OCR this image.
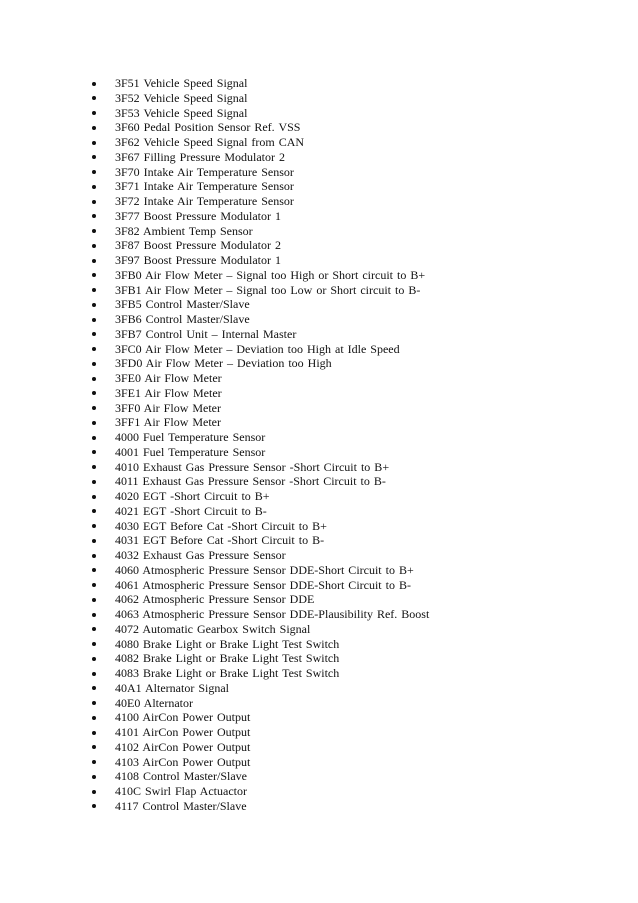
3F51 Vehicle Speed Signal
3F52 Vehicle Speed Signal
3F53 Vehicle Speed Signal
3F60 Pedal Position Sensor Ref. VSS
3F62 Vehicle Speed Signal from CAN
3F67 Filling Pressure Modulator 2
3F70 Intake Air Temperature Sensor
3F71 Intake Air Temperature Sensor
3F72 Intake Air Temperature Sensor
3F77 Boost Pressure Modulator 1
3F82 Ambient Temp Sensor
3F87 Boost Pressure Modulator 2
3F97 Boost Pressure Modulator 1
3FB0 Air Flow Meter – Signal too High or Short circuit to B+
3FB1 Air Flow Meter – Signal too Low or Short circuit to B-
3FB5 Control Master/Slave
3FB6 Control Master/Slave
3FB7 Control Unit – Internal Master
3FC0 Air Flow Meter – Deviation too High at Idle Speed
3FD0 Air Flow Meter – Deviation too High
3FE0 Air Flow Meter
3FE1 Air Flow Meter
3FF0 Air Flow Meter
3FF1 Air Flow Meter
4000 Fuel Temperature Sensor
4001 Fuel Temperature Sensor
4010 Exhaust Gas Pressure Sensor -Short Circuit to B+
4011 Exhaust Gas Pressure Sensor -Short Circuit to B-
4020 EGT -Short Circuit to B+
4021 EGT -Short Circuit to B-
4030 EGT Before Cat -Short Circuit to B+
4031 EGT Before Cat -Short Circuit to B-
4032 Exhaust Gas Pressure Sensor
4060 Atmospheric Pressure Sensor DDE-Short Circuit to B+
4061 Atmospheric Pressure Sensor DDE-Short Circuit to B-
4062 Atmospheric Pressure Sensor DDE
4063 Atmospheric Pressure Sensor DDE-Plausibility Ref. Boost
4072 Automatic Gearbox Switch Signal
4080 Brake Light or Brake Light Test Switch
4082 Brake Light or Brake Light Test Switch
4083 Brake Light or Brake Light Test Switch
40A1 Alternator Signal
40E0 Alternator
4100 AirCon Power Output
4101 AirCon Power Output
4102 AirCon Power Output
4103 AirCon Power Output
4108 Control Master/Slave
410C Swirl Flap Actuactor
4117 Control Master/Slave
